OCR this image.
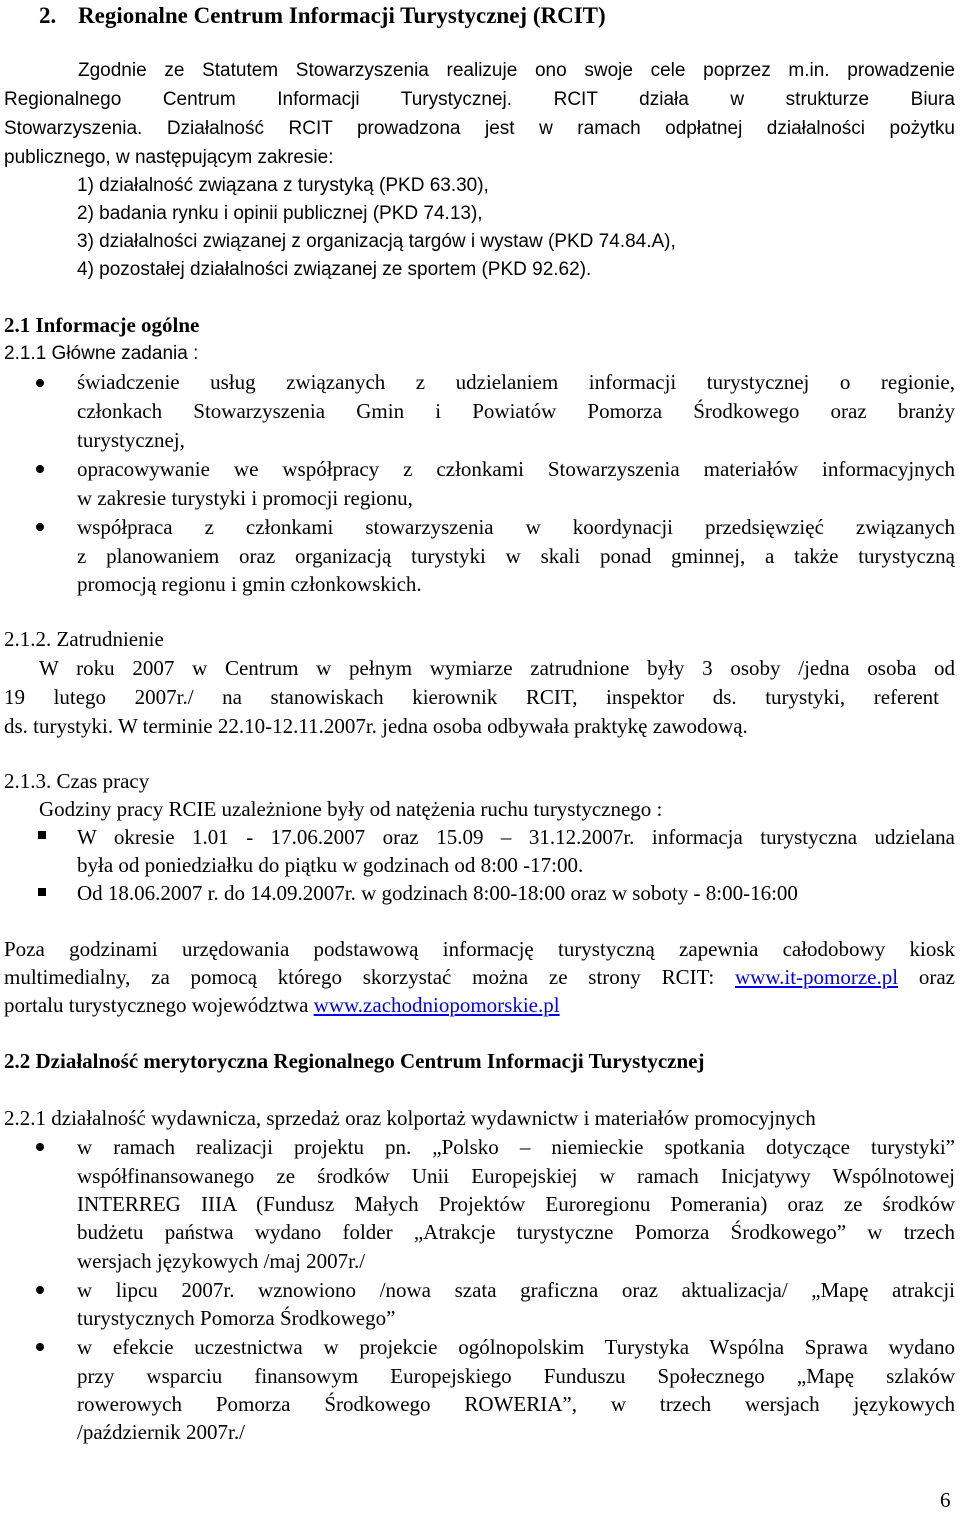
2. Regionalne Centrum Informacji Turystycznej (RCIT)
Zgodnie ze Statutem Stowarzyszenia realizuje ono swoje cele poprzez m.in. prowadzenie
Regionalnego Centrum Informacji Turystycznej. RCIT działa w strukturze Biura
Stowarzyszenia. Działalność RCIT prowadzona jest w ramach odpłatnej działalności pożytku
publicznego, w następującym zakresie:
1) działalność związana z turystyką (PKD 63.30),
2) badania rynku i opinii publicznej (PKD 74.13),
3) działalności związanej z organizacją targów i wystaw (PKD 74.84.A),
4) pozostałej działalności związanej ze sportem (PKD 92.62).
2.1 Informacje ogólne
2.1.1 Główne zadania :
świadczenie usług związanych z udzielaniem informacji turystycznej o regionie,
członkach Stowarzyszenia Gmin i Powiatów Pomorza Środkowego oraz branży
turystycznej,
opracowywanie we współpracy z członkami Stowarzyszenia materiałów informacyjnych
w zakresie turystyki i promocji regionu,
współpraca z członkami stowarzyszenia w koordynacji przedsięwzięć związanych
z planowaniem oraz organizacją turystyki w skali ponad gminnej, a także turystyczną
promocją regionu i gmin członkowskich.
2.1.2. Zatrudnienie
W roku 2007 w Centrum w pełnym wymiarze zatrudnione były 3 osoby /jedna osoba od
19 lutego 2007r./ na stanowiskach kierownik RCIT, inspektor ds. turystyki, referent
ds. turystyki. W terminie 22.10-12.11.2007r. jedna osoba odbywała praktykę zawodową.
2.1.3. Czas pracy
Godziny pracy RCIE uzależnione były od natężenia ruchu turystycznego :
W okresie 1.01 - 17.06.2007 oraz 15.09 – 31.12.2007r. informacja turystyczna udzielana
była od poniedziałku do piątku w godzinach od 8:00 -17:00.
Od 18.06.2007 r. do 14.09.2007r. w godzinach 8:00-18:00 oraz w soboty - 8:00-16:00
Poza godzinami urzędowania podstawową informację turystyczną zapewnia całodobowy kiosk
multimedialny, za pomocą którego skorzystać można ze strony RCIT: www.it-pomorze.pl oraz
portalu turystycznego województwa www.zachodniopomorskie.pl
2.2 Działalność merytoryczna Regionalnego Centrum Informacji Turystycznej
2.2.1 działalność wydawnicza, sprzedaż oraz kolportaż wydawnictw i materiałów promocyjnych
w ramach realizacji projektu pn. „Polsko – niemieckie spotkania dotyczące turystyki”
współfinansowanego ze środków Unii Europejskiej w ramach Inicjatywy Wspólnotowej
INTERREG IIIA (Fundusz Małych Projektów Euroregionu Pomerania) oraz ze środków
budżetu państwa wydano folder „Atrakcje turystyczne Pomorza Środkowego” w trzech
wersjach językowych /maj 2007r./
w lipcu 2007r. wznowiono /nowa szata graficzna oraz aktualizacja/ „Mapę atrakcji
turystycznych Pomorza Środkowego”
w efekcie uczestnictwa w projekcie ogólnopolskim Turystyka Wspólna Sprawa wydano
przy wsparciu finansowym Europejskiego Funduszu Społecznego „Mapę szlaków
rowerowych Pomorza Środkowego ROWERIA”, w trzech wersjach językowych
/październik 2007r./
6
